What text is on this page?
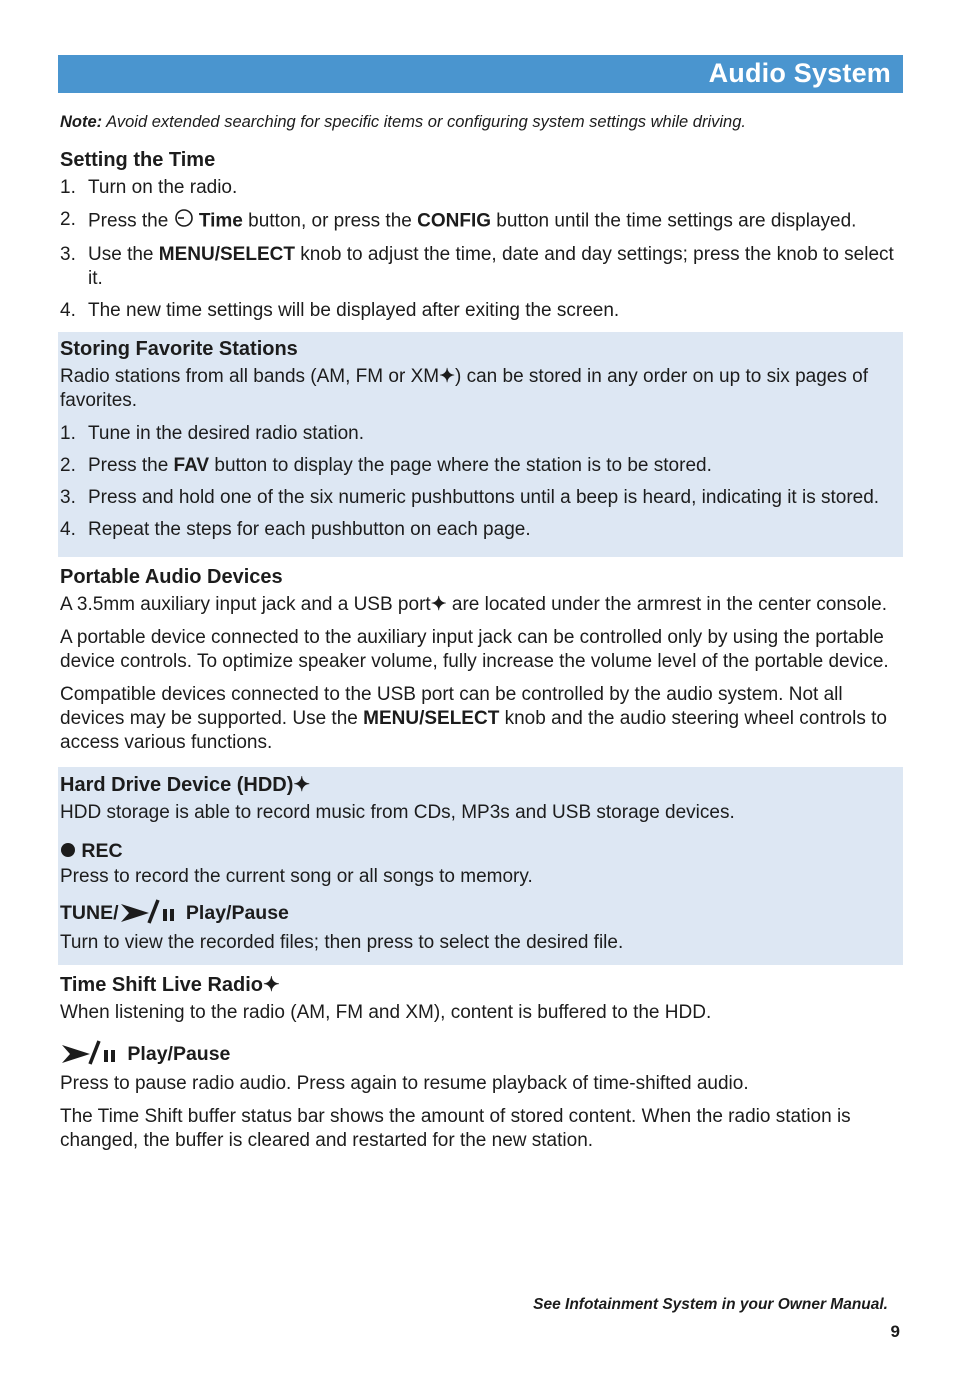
Audio System
Note: Avoid extended searching for specific items or configuring system settings while driving.
Setting the Time
1. Turn on the radio.
2. Press the Time button, or press the CONFIG button until the time settings are displayed.
3. Use the MENU/SELECT knob to adjust the time, date and day settings; press the knob to select it.
4. The new time settings will be displayed after exiting the screen.
Storing Favorite Stations

Radio stations from all bands (AM, FM or XM✦) can be stored in any order on up to six pages of favorites.

1. Tune in the desired radio station.
2. Press the FAV button to display the page where the station is to be stored.
3. Press and hold one of the six numeric pushbuttons until a beep is heard, indicating it is stored.
4. Repeat the steps for each pushbutton on each page.
Portable Audio Devices

A 3.5mm auxiliary input jack and a USB port✦ are located under the armrest in the center console.

A portable device connected to the auxiliary input jack can be controlled only by using the portable device controls. To optimize speaker volume, fully increase the volume level of the portable device.

Compatible devices connected to the USB port can be controlled by the audio system. Not all devices may be supported. Use the MENU/SELECT knob and the audio steering wheel controls to access various functions.

Hard Drive Device (HDD)✦

HDD storage is able to record music from CDs, MP3s and USB storage devices.

REC

Press to record the current song or all songs to memory.

TUNE/	Play/Pause

Turn to view the recorded files; then press to select the desired file.

Time Shift Live Radio✦

When listening to the radio (AM, FM and XM), content is buffered to the HDD.

Play/Pause

Press to pause radio audio. Press again to resume playback of time-shifted audio.

The Time Shift buffer status bar shows the amount of stored content. When the radio station is changed, the buffer is cleared and restarted for the new station.

See Infotainment System in your Owner Manual.
9
